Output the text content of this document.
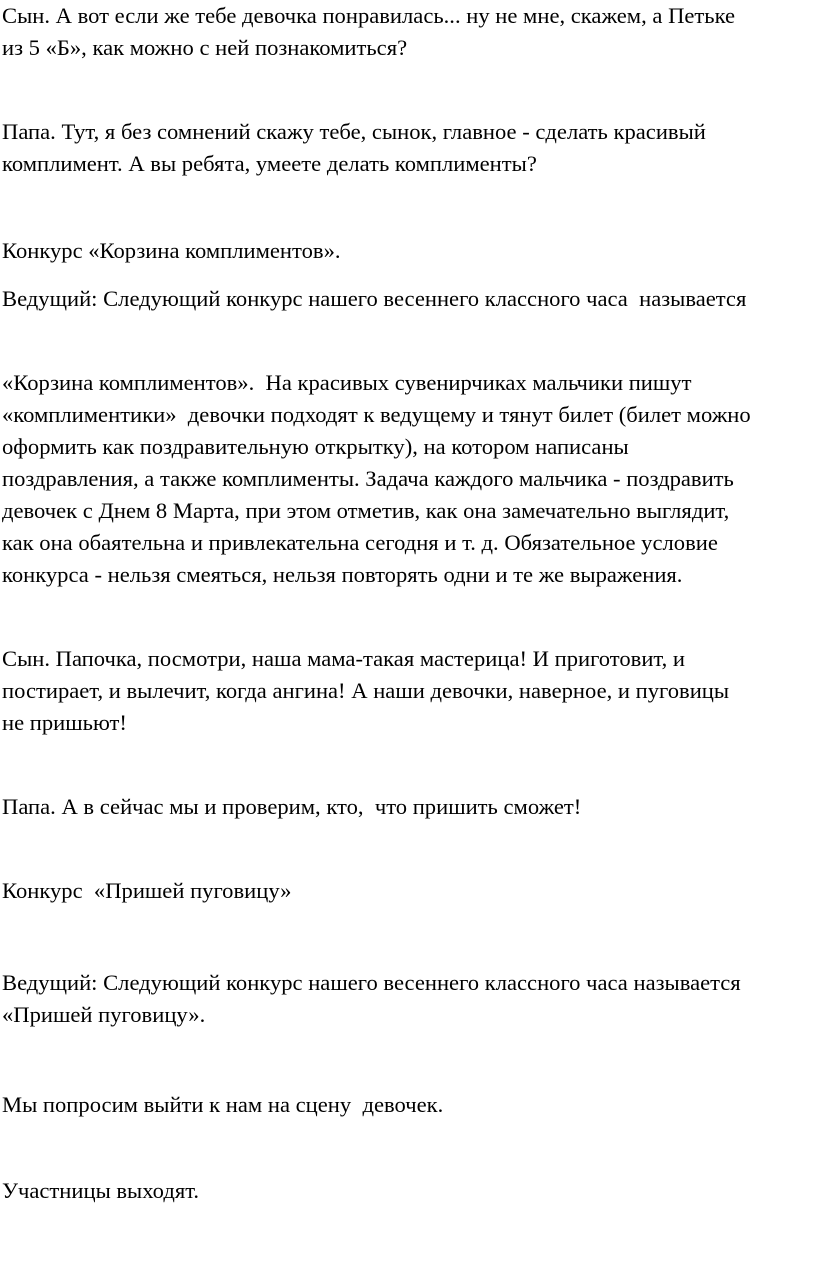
Сын. А вот если же тебе девочка понравилась... ну не мне, скажем, а Петьке
из 5 «Б», как можно с ней познакомиться?
Папа. Тут, я без сомнений скажу тебе, сынок, главное - сделать красивый
комплимент. А вы ребята, умеете делать комплименты?
Конкурс «Корзина комплиментов».
Ведущий: Следующий конкурс нашего весеннего классного часа  называется
«Корзина комплиментов».  На красивых сувенирчиках мальчики пишут
«комплиментики»  девочки подходят к ведущему и тянут билет (билет можно
оформить как поздравительную открытку), на котором написаны
поздравления, а также комплименты. Задача каждого мальчика - поздравить
девочек с Днем 8 Марта, при этом отметив, как она замечательно выглядит,
как она обаятельна и привлекательна сегодня и т. д. Обязательное условие
конкурса - нельзя смеяться, нельзя повторять одни и те же выражения.
Сын. Папочка, посмотри, наша мама-такая мастерица! И приготовит, и
постирает, и вылечит, когда ангина! А наши девочки, наверное, и пуговицы
не пришьют!
Папа. А в сейчас мы и проверим, кто,  что пришить сможет!
Конкурс  «Пришей пуговицу»
Ведущий: Следующий конкурс нашего весеннего классного часа называется
«Пришей пуговицу».
Мы попросим выйти к нам на сцену  девочек.
Участницы выходят.
